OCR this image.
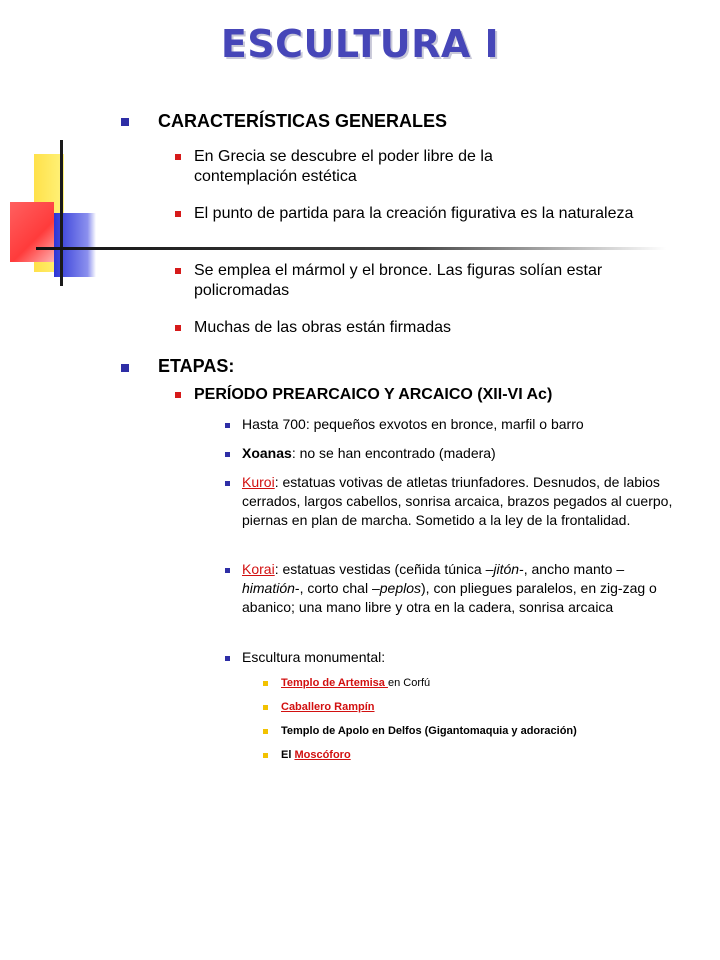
ESCULTURA I
CARACTERÍSTICAS GENERALES
En Grecia se descubre el poder libre de la contemplación estética
El punto de partida para la creación figurativa es la naturaleza
Se emplea el mármol y el bronce. Las figuras solían estar policromadas
Muchas de las obras están firmadas
ETAPAS:
PERÍODO PREARCAICO Y ARCAICO (XII-VI Ac)
Hasta 700: pequeños exvotos en bronce, marfil o barro
Xoanas: no se han encontrado (madera)
Kuroi: estatuas votivas de atletas triunfadores. Desnudos, de labios cerrados, largos cabellos, sonrisa arcaica, brazos pegados al cuerpo, piernas en plan de marcha. Sometido a la ley de la frontalidad.
Korai: estatuas vestidas (ceñida túnica –jitón-, ancho manto –himatión-, corto chal –peplos), con pliegues paralelos, en zig-zag o abanico; una mano libre y otra en la cadera, sonrisa arcaica
Escultura monumental:
Templo de Artemisa en Corfú
Caballero Rampín
Templo de Apolo en Delfos (Gigantomaquia y adoración)
El Moscóforo
